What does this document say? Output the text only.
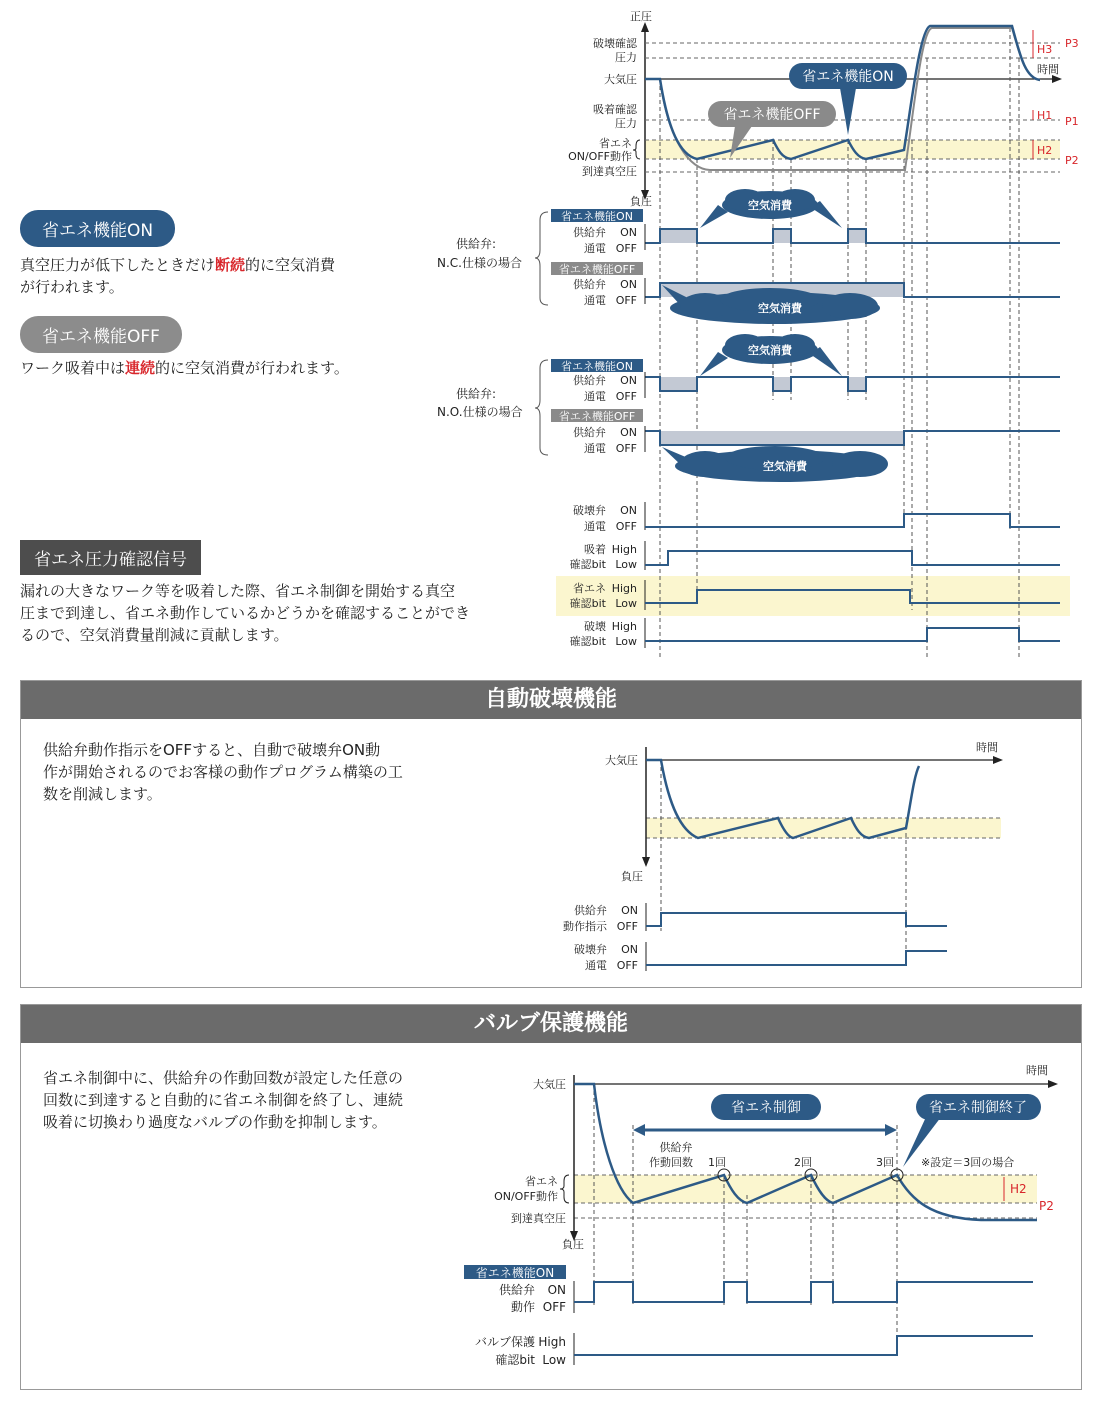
省エネ機能ON
真空圧力が低下したときだけ断続的に空気消費
が行われます。
省エネ機能OFF
ワーク吸着中は連続的に空気消費が行われます。
省エネ圧力確認信号
漏れの大きなワーク等を吸着した際、省エネ制御を開始する真空
圧まで到達し、省エネ動作しているかどうかを確認することができ
るので、空気消費量削減に貢献します。
省エネ機能ON
省エネ機能OFF
正圧
破壊確認
圧力
大気圧
吸着確認
圧力
省エネ
ON/OFF動作
到達真空圧
負圧
時間
H3 P3
H1 P1
H2
P2
供給弁:
N.C.仕様の場合
省エネ機能ON
供給弁 ON
通電 OFF
省エネ機能OFF
供給弁 ON
通電 OFF
空気消費
空気消費
供給弁:
N.O.仕様の場合
省エネ機能ON
供給弁 ON
通電 OFF
省エネ機能OFF
供給弁 ON
通電 OFF
空気消費
空気消費
破壊弁 ON
通電 OFF
吸着 High
確認bit Low
省エネ High
確認bit Low
破壊 High
確認bit Low
自動破壊機能
供給弁動作指示をOFFすると、自動で破壊弁ON動
作が開始されるのでお客様の動作プログラム構築の工
数を削減します。
大気圧
時間
負圧
供給弁 ON
動作指示 OFF
破壊弁 ON
通電 OFF
バルブ保護機能
省エネ制御中に、供給弁の作動回数が設定した任意の
回数に到達すると自動的に省エネ制御を終了し、連続
吸着に切換わり過度なバルブの作動を抑制します。
省エネ制御	省エネ制御終了
時間
大気圧
供給弁
作動回数 1回	2回	3回 ※設定＝3回の場合
省エネ
ON/OFF動作
到達真空圧
負圧
H2
P2
省エネ機能ON
供給弁 ON
動作 OFF
バルブ保護 High
確認bit Low
